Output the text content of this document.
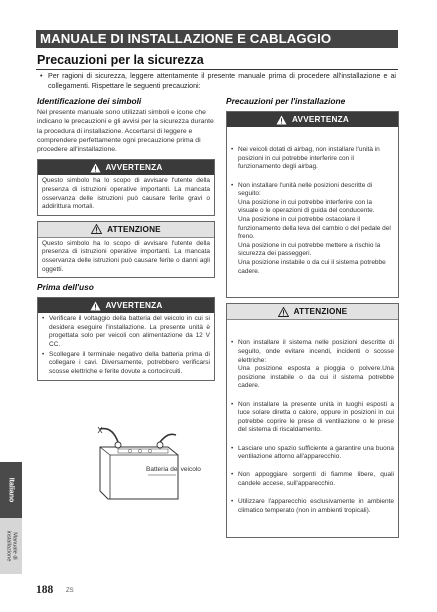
MANUALE DI INSTALLAZIONE E CABLAGGIO
Precauzioni per la sicurezza
• Per ragioni di sicurezza, leggere attentamente il presente manuale prima di procedere all'installazione e ai collegamenti. Rispettare le seguenti precauzioni:
Identificazione dei simboli

Nel presente manuale sono utilizzati simboli e icone che indicano le precauzioni e gli avvisi per la sicurezza durante la procedura di installazione. Accertarsi di leggere e comprendere perfettamente ogni precauzione prima di procedere all'installazione.

AVVERTENZA
Questo simbolo ha lo scopo di avvisare l'utente della presenza di istruzioni operative importanti. La mancata osservanza delle istruzioni può causare ferite gravi o addirittura mortali.
ATTENZIONE
Questo simbolo ha lo scopo di avvisare l'utente della presenza di istruzioni operative importanti. La mancata osservanza delle istruzioni può causare ferite o danni agli oggetti.
Prima dell'uso
AVVERTENZA
• Verificare il voltaggio della batteria del veicolo in cui si desidera eseguire l'installazione. La presente unità è progettata solo per veicoli con alimentazione da 12 V CC.
• Scollegare il terminale negativo della batteria prima di collegare i cavi. Diversamente, potrebbero verificarsi scosse elettriche e ferite dovute a cortocircuiti.
Batteria del veicolo
Precauzioni per l'installazione
AVVERTENZA

• Nei veicoli dotati di airbag, non installare l'unità in posizioni in cui potrebbe interferire con il funzionamento degli airbag.

• Non installare l'unità nelle posizioni descritte di seguito:
Una posizione in cui potrebbe interferire con la visuale o le operazioni di guida del conducente.
Una posizione in cui potrebbe ostacolare il funzionamento della leva del cambio o del pedale del freno.
Una posizione in cui potrebbe mettere a rischio la sicurezza dei passeggeri.
Una posizione instabile o da cui il sistema potrebbe cadere.

ATTENZIONE

• Non installare il sistema nelle posizioni descritte di seguito, onde evitare incendi, incidenti o scosse elettriche:
Una posizione esposta a pioggia o polvere.Una posizione instabile o da cui il sistema potrebbe cadere.

• Non installare la presente unità in luoghi esposti a luce solare diretta o calore, oppure in posizioni in cui potrebbe coprire le prese di ventilazione o le prese del sistema di riscaldamento.

• Lasciare uno spazio sufficiente a garantire una buona ventilazione attorno all'apparecchio.

• Non appoggiare sorgenti di fiamme libere, quali candele accese, sull'apparecchio.

• Utilizzare l'apparecchio esclusivamente in ambiente climatico temperato (non in ambienti tropicali).

Italiano
Manuale di
installazione
188 ZS
